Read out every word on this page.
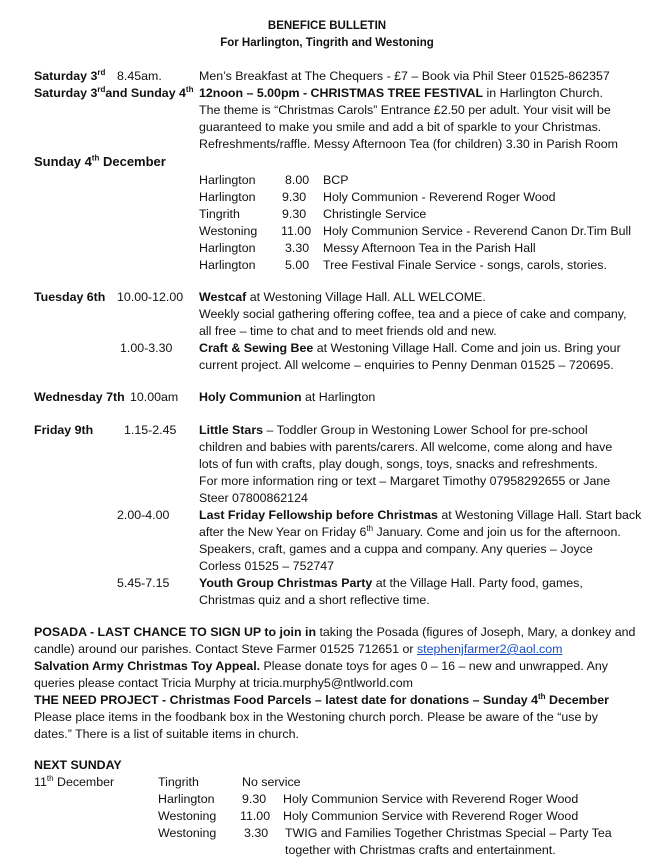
BENEFICE BULLETIN
For Harlington, Tingrith and Westoning
Saturday 3rd 8.45am.	Men’s Breakfast at The Chequers - £7 – Book via Phil Steer 01525-862357
Saturday 3rdand Sunday 4th 12noon – 5.00pm - CHRISTMAS TREE FESTIVAL in Harlington Church.
The theme is “Christmas Carols” Entrance £2.50 per adult. Your visit will be
guaranteed to make you smile and add a bit of sparkle to your Christmas.
Refreshments/raffle. Messy Afternoon Tea (for children) 3.30 in Parish Room
Sunday 4th December
Harlington 8.00 BCP
Harlington 9.30 Holy Communion - Reverend Roger Wood
Tingrith	9.30 Christingle Service
Westoning 11.00 Holy Communion Service - Reverend Canon Dr.Tim Bull
Harlington 3.30 Messy Afternoon Tea in the Parish Hall
Harlington 5.00 Tree Festival Finale Service - songs, carols, stories.
Tuesday 6th 10.00-12.00 Westcaf at Westoning Village Hall. ALL WELCOME.
Weekly social gathering offering coffee, tea and a piece of cake and company,
all free – time to chat and to meet friends old and new.
1.00-3.30 Craft & Sewing Bee at Westoning Village Hall. Come and join us. Bring your
current project. All welcome – enquiries to Penny Denman 01525 – 720695.
Wednesday 7th 10.00am Holy Communion at Harlington
Friday 9th 1.15-2.45 Little Stars – Toddler Group in Westoning Lower School for pre-school
children and babies with parents/carers. All welcome, come along and have
lots of fun with crafts, play dough, songs, toys, snacks and refreshments.
For more information ring or text – Margaret Timothy 07958292655 or Jane
Steer 07800862124
2.00-4.00 Last Friday Fellowship before Christmas at Westoning Village Hall. Start back
after the New Year on Friday 6th January. Come and join us for the afternoon.
Speakers, craft, games and a cuppa and company. Any queries – Joyce
Corless 01525 – 752747
5.45-7.15 Youth Group Christmas Party at the Village Hall. Party food, games,
Christmas quiz and a short reflective time.
POSADA - LAST CHANCE TO SIGN UP to join in taking the Posada (figures of Joseph, Mary, a donkey and
candle) around our parishes. Contact Steve Farmer 01525 712651 or stephenjfarmer2@aol.com
Salvation Army Christmas Toy Appeal. Please donate toys for ages 0 – 16 – new and unwrapped. Any
queries please contact Tricia Murphy at tricia.murphy5@ntlworld.com
THE NEED PROJECT - Christmas Food Parcels – latest date for donations – Sunday 4th December
Please place items in the foodbank box in the Westoning church porch. Please be aware of the “use by
dates.” There is a list of suitable items in church.
NEXT SUNDAY
11th December	Tingrith	No service
Harlington 9.30 Holy Communion Service with Reverend Roger Wood
Westoning 11.00 Holy Communion Service with Reverend Roger Wood
Westoning 3.30 TWIG and Families Together Christmas Special – Party Tea
together with Christmas crafts and entertainment.
